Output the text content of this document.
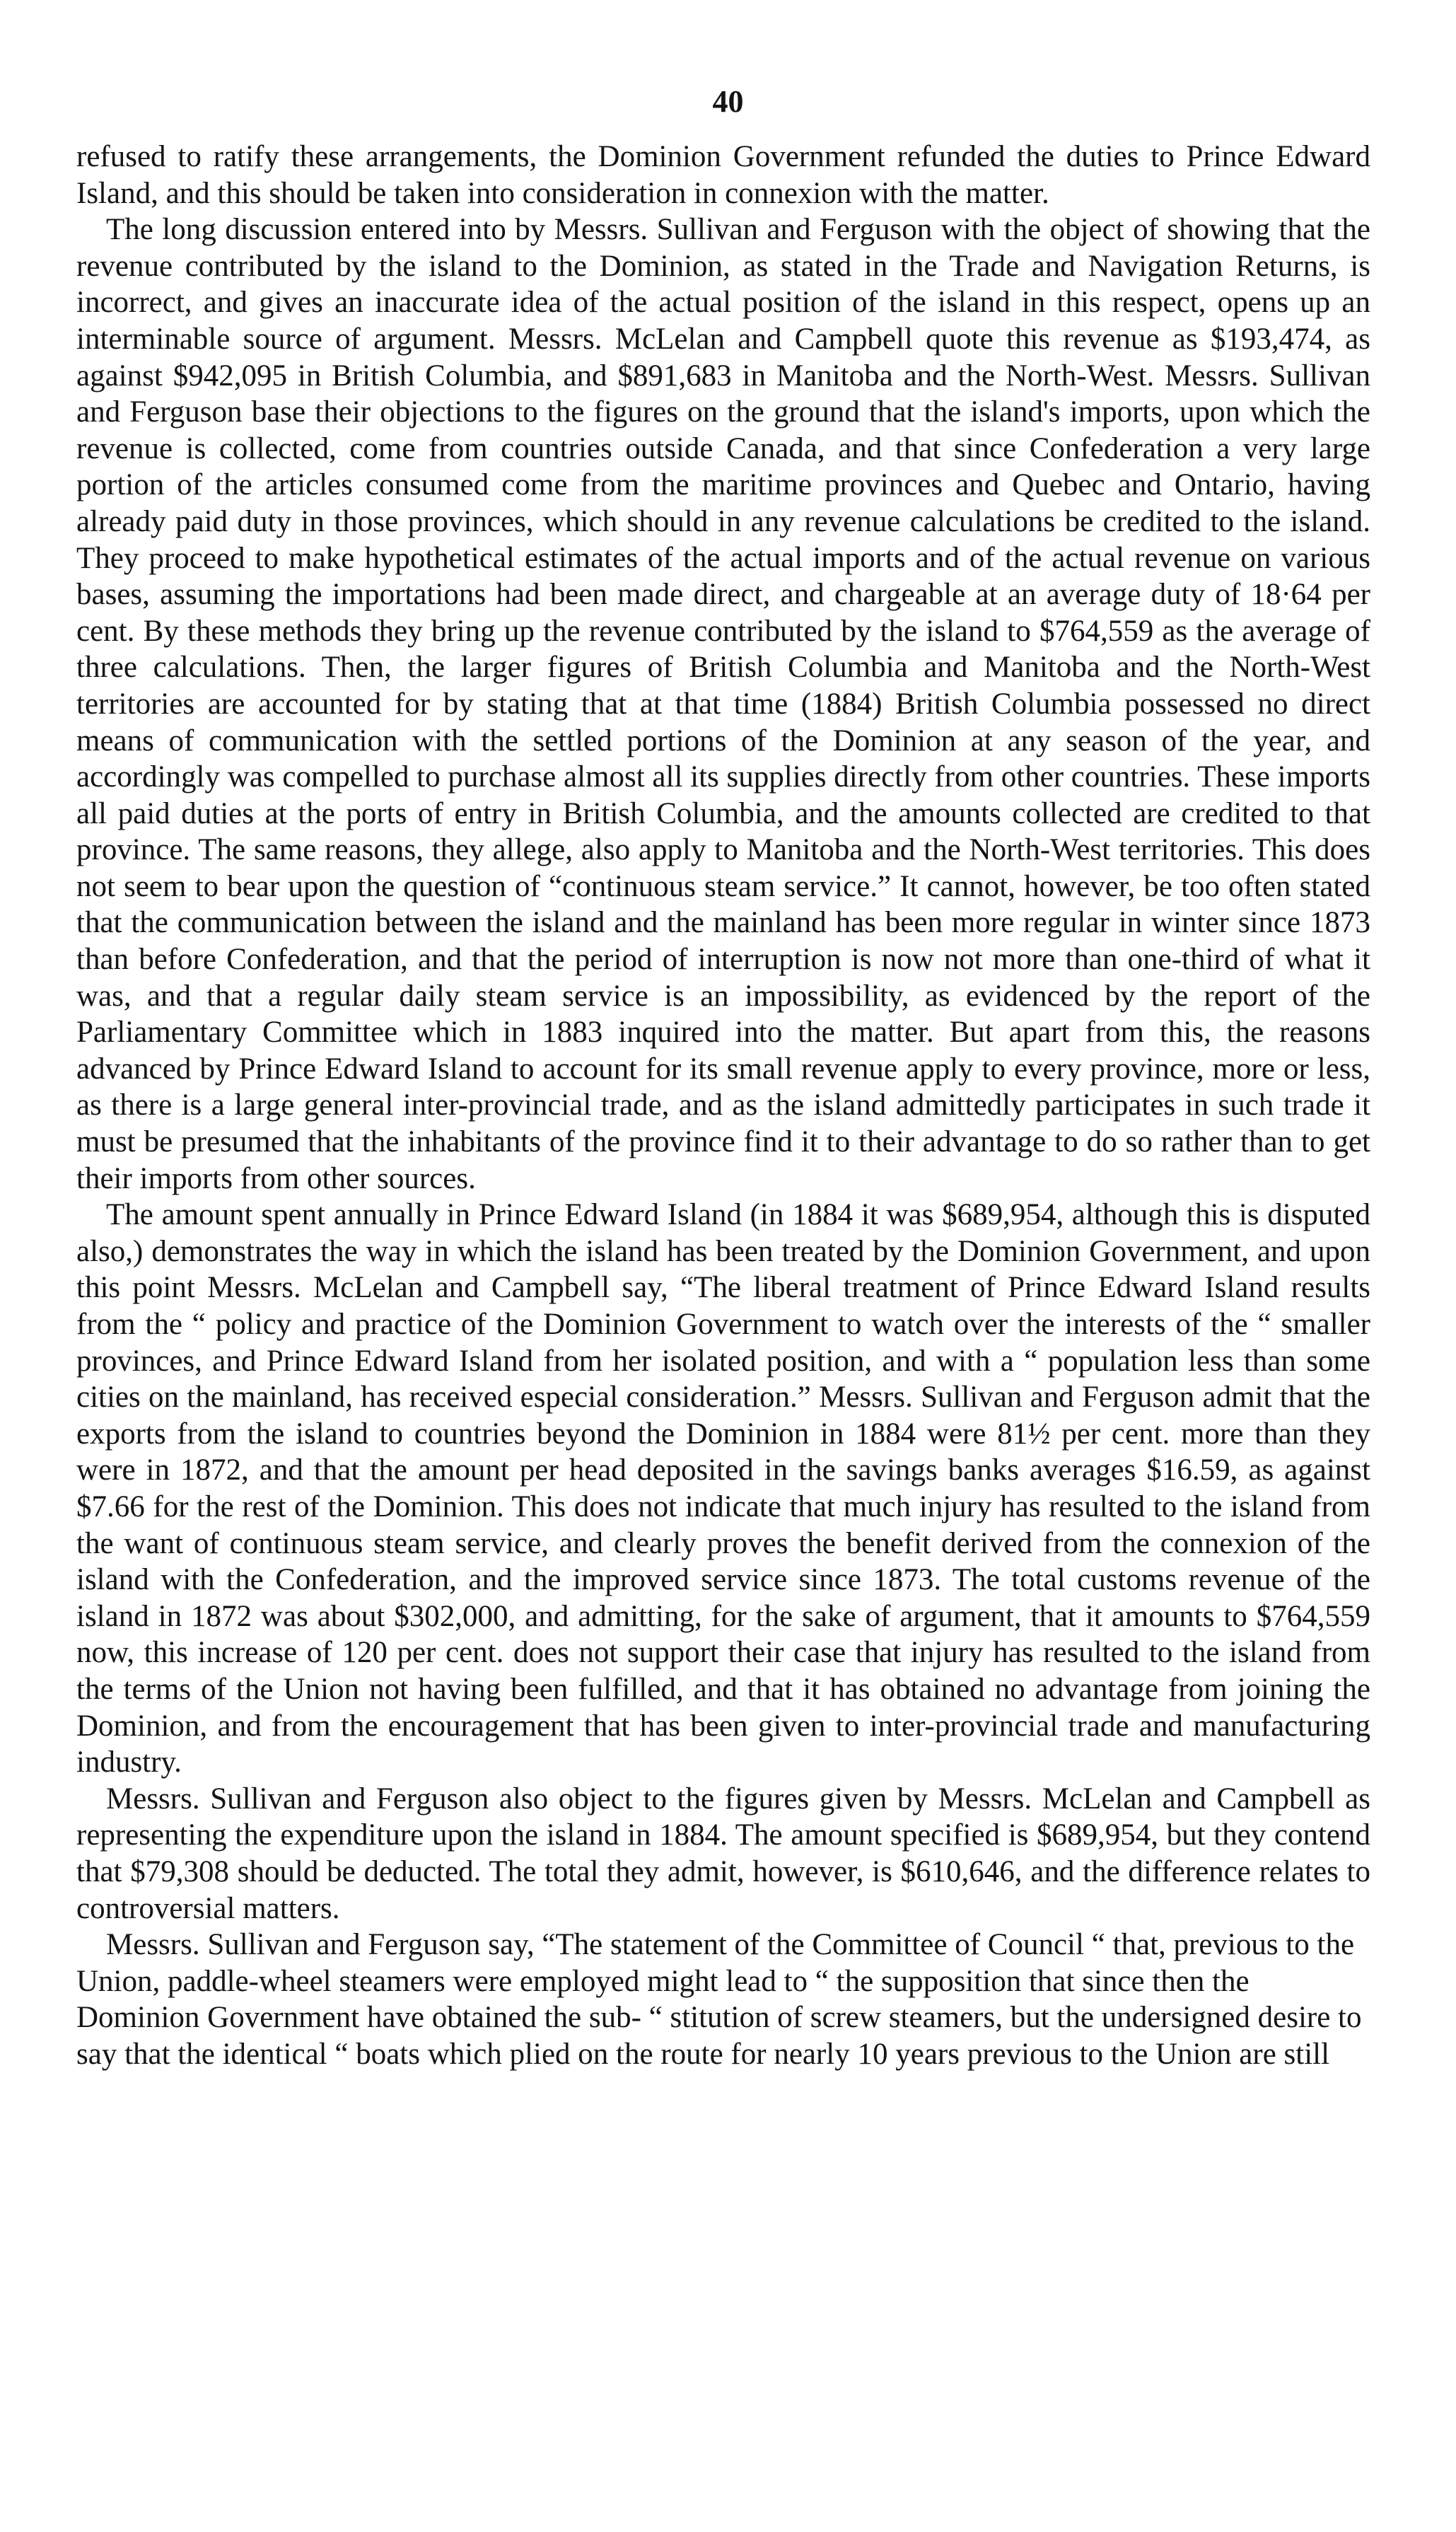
40

refused to ratify these arrangements, the Dominion Government refunded the duties to Prince Edward Island, and this should be taken into consideration in connexion with the matter.

The long discussion entered into by Messrs. Sullivan and Ferguson with the object of showing that the revenue contributed by the island to the Dominion, as stated in the Trade and Navigation Returns, is incorrect, and gives an inaccurate idea of the actual position of the island in this respect, opens up an interminable source of argument. Messrs. McLelan and Campbell quote this revenue as $193,474, as against $942,095 in British Columbia, and $891,683 in Manitoba and the North-West. Messrs. Sullivan and Ferguson base their objections to the figures on the ground that the island's imports, upon which the revenue is collected, come from countries outside Canada, and that since Confederation a very large portion of the articles consumed come from the maritime provinces and Quebec and Ontario, having already paid duty in those provinces, which should in any revenue calculations be credited to the island. They proceed to make hypothetical estimates of the actual imports and of the actual revenue on various bases, assuming the importations had been made direct, and chargeable at an average duty of 18·64 per cent. By these methods they bring up the revenue contributed by the island to $764,559 as the average of three calculations. Then, the larger figures of British Columbia and Manitoba and the North-West territories are accounted for by stating that at that time (1884) British Columbia possessed no direct means of communication with the settled portions of the Dominion at any season of the year, and accordingly was compelled to purchase almost all its supplies directly from other countries. These imports all paid duties at the ports of entry in British Columbia, and the amounts collected are credited to that province. The same reasons, they allege, also apply to Manitoba and the North-West territories. This does not seem to bear upon the question of “continuous steam service.” It cannot, however, be too often stated that the communication between the island and the mainland has been more regular in winter since 1873 than before Confederation, and that the period of interruption is now not more than one-third of what it was, and that a regular daily steam service is an impossibility, as evidenced by the report of the Parliamentary Committee which in 1883 inquired into the matter. But apart from this, the reasons advanced by Prince Edward Island to account for its small revenue apply to every province, more or less, as there is a large general inter-provincial trade, and as the island admittedly participates in such trade it must be presumed that the inhabitants of the province find it to their advantage to do so rather than to get their imports from other sources.

The amount spent annually in Prince Edward Island (in 1884 it was $689,954, although this is disputed also,) demonstrates the way in which the island has been treated by the Dominion Government, and upon this point Messrs. McLelan and Campbell say, “The liberal treatment of Prince Edward Island results from the “ policy and practice of the Dominion Government to watch over the interests of the “ smaller provinces, and Prince Edward Island from her isolated position, and with a “ population less than some cities on the mainland, has received especial consideration.” Messrs. Sullivan and Ferguson admit that the exports from the island to countries beyond the Dominion in 1884 were 81½ per cent. more than they were in 1872, and that the amount per head deposited in the savings banks averages $16.59, as against $7.66 for the rest of the Dominion. This does not indicate that much injury has resulted to the island from the want of continuous steam service, and clearly proves the benefit derived from the connexion of the island with the Confederation, and the improved service since 1873. The total customs revenue of the island in 1872 was about $302,000, and admitting, for the sake of argument, that it amounts to $764,559 now, this increase of 120 per cent. does not support their case that injury has resulted to the island from the terms of the Union not having been fulfilled, and that it has obtained no advantage from joining the Dominion, and from the encouragement that has been given to inter-provincial trade and manufacturing industry.

Messrs. Sullivan and Ferguson also object to the figures given by Messrs. McLelan and Campbell as representing the expenditure upon the island in 1884. The amount specified is $689,954, but they contend that $79,308 should be deducted. The total they admit, however, is $610,646, and the difference relates to controversial matters.

Messrs. Sullivan and Ferguson say, “The statement of the Committee of Council “ that, previous to the Union, paddle-wheel steamers were employed might lead to “ the supposition that since then the Dominion Government have obtained the sub- “ stitution of screw steamers, but the undersigned desire to say that the identical “ boats which plied on the route for nearly 10 years previous to the Union are still
